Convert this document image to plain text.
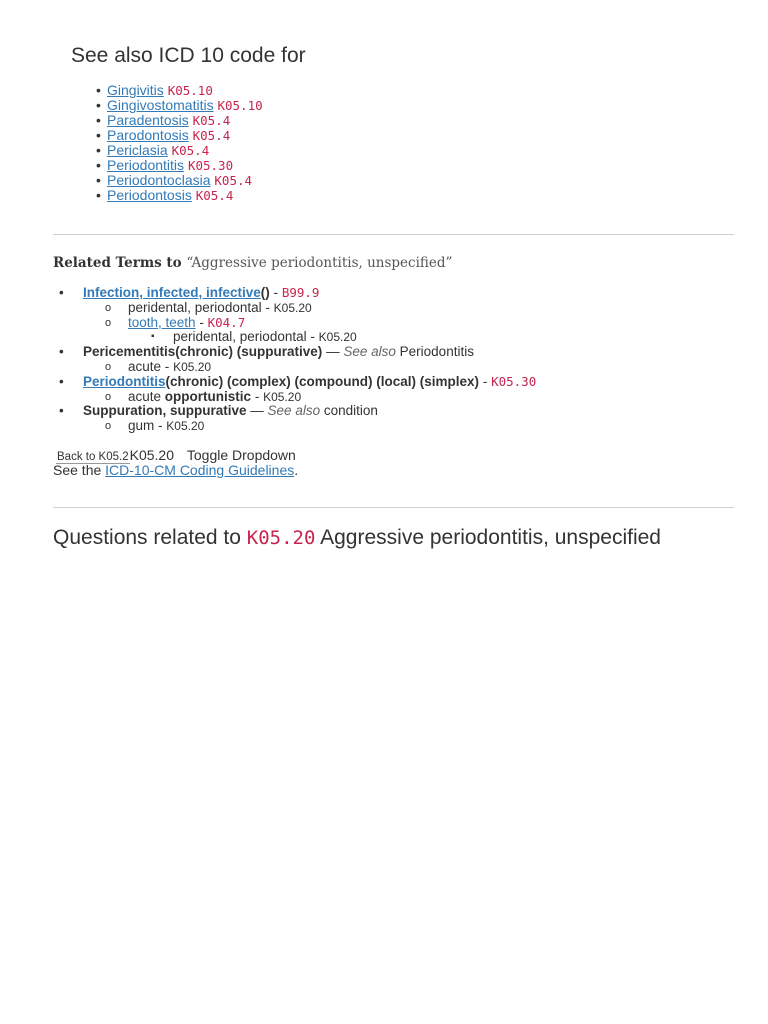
See also ICD 10 code for
• Gingivitis K05.10
• Gingivostomatitis K05.10
• Paradentosis K05.4
• Parodontosis K05.4
• Periclasia K05.4
• Periodontitis K05.30
• Periodontoclasia K05.4
• Periodontosis K05.4
Related Terms to “Aggressive periodontitis, unspecified”
• Infection, infected, infective() - B99.9
o peridental, periodontal - K05.20
o tooth, teeth - K04.7
▪ peridental, periodontal - K05.20
• Pericementitis(chronic) (suppurative) — See also Periodontitis
o acute - K05.20
• Periodontitis(chronic) (complex) (compound) (local) (simplex) - K05.30
o acute opportunistic - K05.20
• Suppuration, suppurative — See also condition
o gum - K05.20
Back to K05.2K05.20 Toggle Dropdown
See the ICD-10-CM Coding Guidelines.
Questions related to K05.20 Aggressive periodontitis, unspecified
